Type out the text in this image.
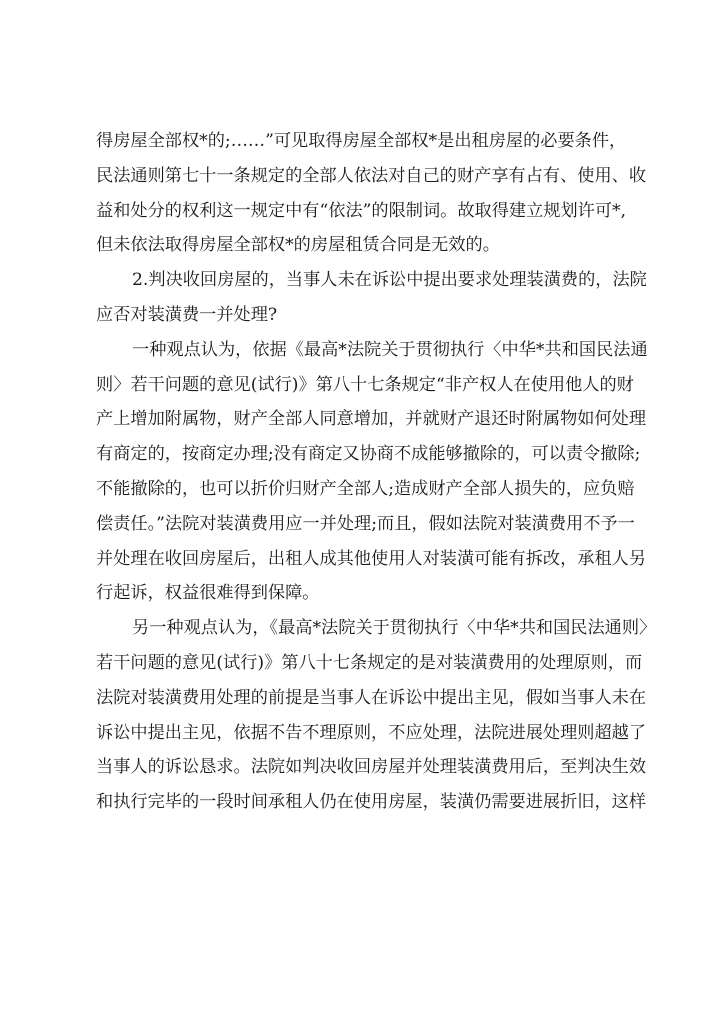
得房屋全部权*的;……”可见取得房屋全部权*是出租房屋的必要条件，
民法通则第七十一条规定的全部人依法对自己的财产享有占有、使用、收
益和处分的权利这一规定中有“依法”的限制词。故取得建立规划许可*,
但未依法取得房屋全部权*的房屋租赁合同是无效的。
2.判决收回房屋的，当事人未在诉讼中提出要求处理装潢费的，法院
应否对装潢费一并处理?
一种观点认为，依据《最高*法院关于贯彻执行〈中华*共和国民法通
则〉若干问题的意见(试行)》第八十七条规定“非产权人在使用他人的财
产上增加附属物，财产全部人同意增加，并就财产退还时附属物如何处理
有商定的，按商定办理;没有商定又协商不成能够撤除的，可以责令撤除;
不能撤除的，也可以折价归财产全部人;造成财产全部人损失的，应负赔
偿责任。”法院对装潢费用应一并处理;而且，假如法院对装潢费用不予一
并处理在收回房屋后，出租人成其他使用人对装潢可能有拆改，承租人另
行起诉，权益很难得到保障。
另一种观点认为，《最高*法院关于贯彻执行〈中华*共和国民法通则〉
若干问题的意见(试行)》第八十七条规定的是对装潢费用的处理原则，而
法院对装潢费用处理的前提是当事人在诉讼中提出主见，假如当事人未在
诉讼中提出主见，依据不告不理原则，不应处理，法院进展处理则超越了
当事人的诉讼恳求。法院如判决收回房屋并处理装潢费用后，至判决生效
和执行完毕的一段时间承租人仍在使用房屋，装潢仍需要进展折旧，这样
